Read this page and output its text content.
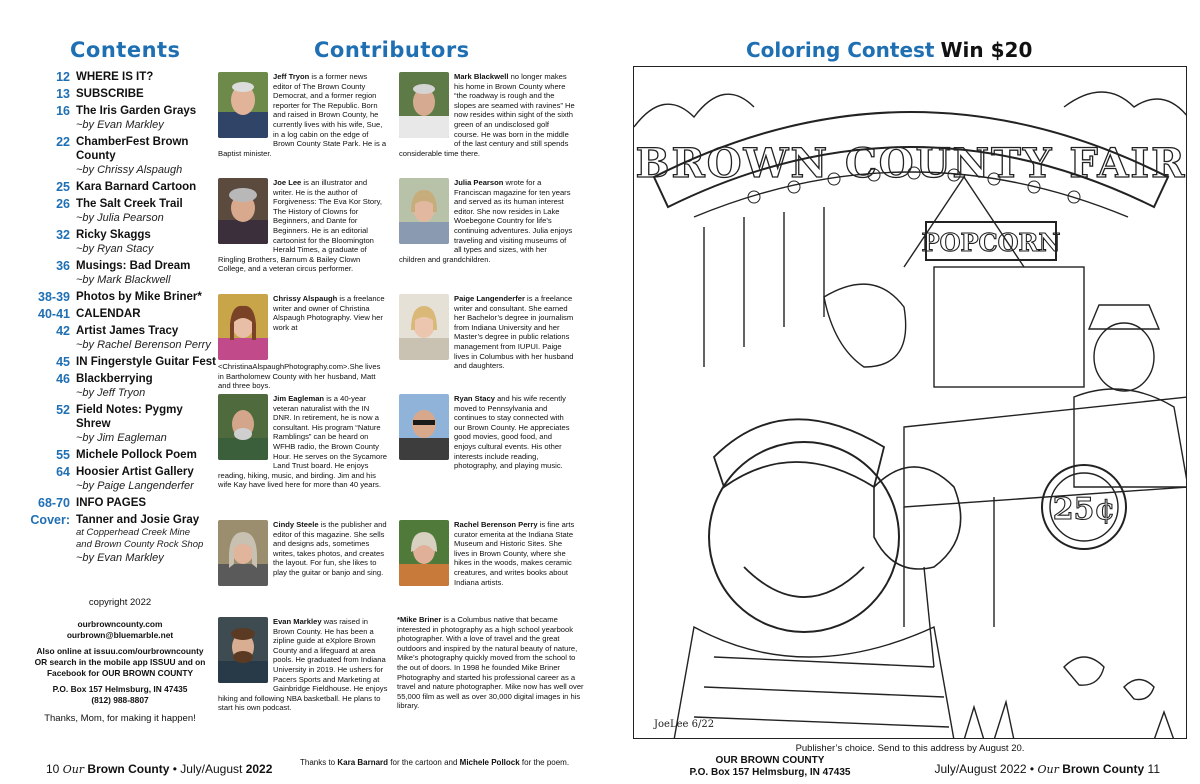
Contents
12 WHERE IS IT?
13 SUBSCRIBE
16 The Iris Garden Grays
~by Evan Markley
22 ChamberFest Brown County
~by Chrissy Alspaugh
25 Kara Barnard Cartoon
26 The Salt Creek Trail
~by Julia Pearson
32 Ricky Skaggs
~by Ryan Stacy
36 Musings: Bad Dream
~by Mark Blackwell
38-39 Photos by Mike Briner*
40-41 CALENDAR
42 Artist James Tracy
~by Rachel Berenson Perry
45 IN Fingerstyle Guitar Fest
46 Blackberrying
~by Jeff Tryon
52 Field Notes: Pygmy Shrew
~by Jim Eagleman
55 Michele Pollock Poem
64 Hoosier Artist Gallery
~by Paige Langenderfer
68-70 INFO PAGES
Cover: Tanner and Josie Gray
at Copperhead Creek Mine
and Brown County Rock Shop
~by Evan Markley
copyright 2022

ourbrowncounty.com

ourbrown@bluemarble.net

Also online at issuu.com/ourbrowncounty

OR search in the mobile app ISSUU and on

Facebook for OUR BROWN COUNTY

P.O. Box 157 Helmsburg, IN 47435

(812) 988-8807

Thanks, Mom, for making it happen!
Contributors
Jeff Tryon is a former news editor of The Brown County Democrat, and a former region reporter for The Republic. Born and raised in Brown County, he currently lives with his wife, Sue, in a log cabin on the edge of Brown County State Park. He is a Baptist minister.
Joe Lee is an illustrator and writer. He is the author of Forgiveness: The Eva Kor Story, The History of Clowns for Beginners, and Dante for Beginners. He is an editorial cartoonist for the Bloomington Herald Times, a graduate of Ringling Brothers, Barnum & Bailey Clown College, and a veteran circus performer.
Chrissy Alspaugh is a freelance writer and owner of Christina Alspaugh Photography. View her work at <ChristinaAlspaughPhotography.com>.She lives in Bartholomew County with her husband, Matt and three boys.
Jim Eagleman is a 40-year veteran naturalist with the IN DNR. In retirement, he is now a consultant. His program “Nature Ramblings” can be heard on WFHB radio, the Brown County Hour. He serves on the Sycamore Land Trust board. He enjoys reading, hiking, music, and birding. Jim and his wife Kay have lived here for more than 40 years.
Cindy Steele is the publisher and editor of this magazine. She sells and designs ads, sometimes writes, takes photos, and creates the layout. For fun, she likes to play the guitar or banjo and sing.
Evan Markley was raised in Brown County. He has been a zipline guide at eXplore Brown County and a lifeguard at area pools. He graduated from Indiana University in 2019. He ushers for Pacers Sports and Marketing at Gainbridge Fieldhouse. He enjoys hiking and following NBA basketball. He plans to start his own podcast.
Mark Blackwell no longer makes his home in Brown County where “the roadway is rough and the slopes are seamed with ravines” He now resides within sight of the sixth green of an undisclosed golf course. He was born in the middle of the last century and still spends considerable time there.
Julia Pearson wrote for a Franciscan magazine for ten years and served as its human interest editor. She now resides in Lake Woebegone Country for life’s continuing adventures. Julia enjoys traveling and visiting museums of all types and sizes, with her children and grandchildren.
Paige Langenderfer is a freelance writer and consultant. She earned her Bachelor’s degree in journalism from Indiana University and her Master’s degree in public relations management from IUPUI. Paige lives in Columbus with her husband and daughters.
Ryan Stacy and his wife recently moved to Pennsylvania and continues to stay connected with our Brown County. He appreciates good movies, good food, and enjoys cultural events. His other interests include reading, photography, and playing music.
Rachel Berenson Perry is fine arts curator emerita at the Indiana State Museum and Historic Sites. She lives in Brown County, where she hikes in the woods, makes ceramic creatures, and writes books about Indiana artists.
*Mike Briner is a Columbus native that became interested in photography as a high school yearbook photographer. With a love of travel and the great outdoors and inspired by the natural beauty of nature, Mike’s photography quickly moved from the school to the out of doors. In 1998 he founded Mike Briner Photography and started his professional career as a travel and nature photographer. Mike now has well over 55,000 film as well as over 30,000 digital images in his library.
Coloring Contest Win $20
BROWN COUNTY FAIR
POPCORN
25¢
JoeLee 6/22
Publisher’s choice. Send to this address by August 20.
OUR BROWN COUNTY
P.O. Box 157 Helmsburg, IN 47435
10 Our Brown County • July/August 2022	Thanks to Kara Barnard for the cartoon and Michele Pollock for the poem.	July/August 2022 • Our Brown County 11
